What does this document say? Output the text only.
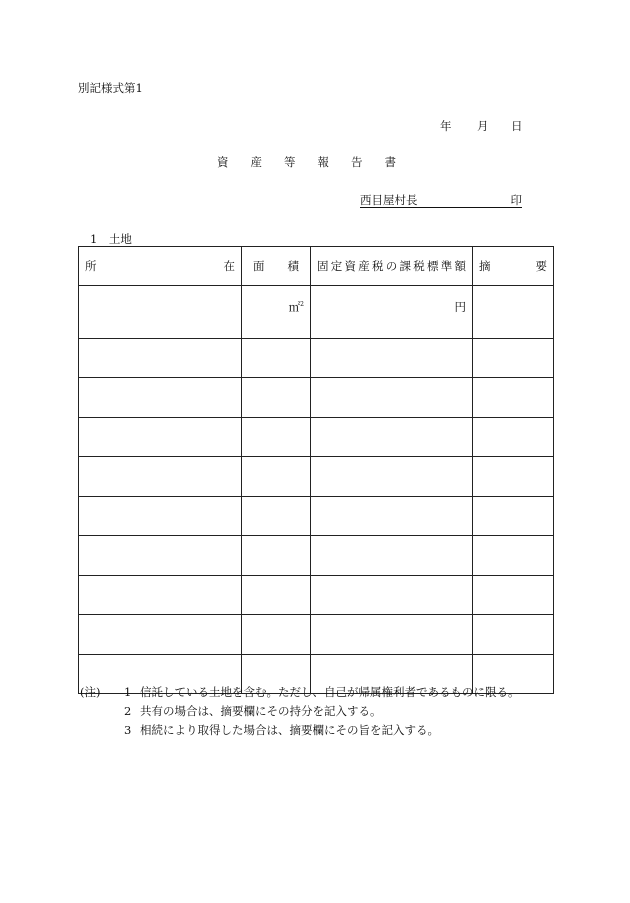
別記様式第1
年 月 日
資 産 等 報 告 書
西目屋村長	印
1　土地
所 在	面　　積	固定資産税の課税標準額	摘 要

	㎡$^2$	円	

(注)	1 信託している土地を含む。ただし、自己が帰属権利者であるものに限る。
2 共有の場合は、摘要欄にその持分を記入する。
3 相続により取得した場合は、摘要欄にその旨を記入する。
